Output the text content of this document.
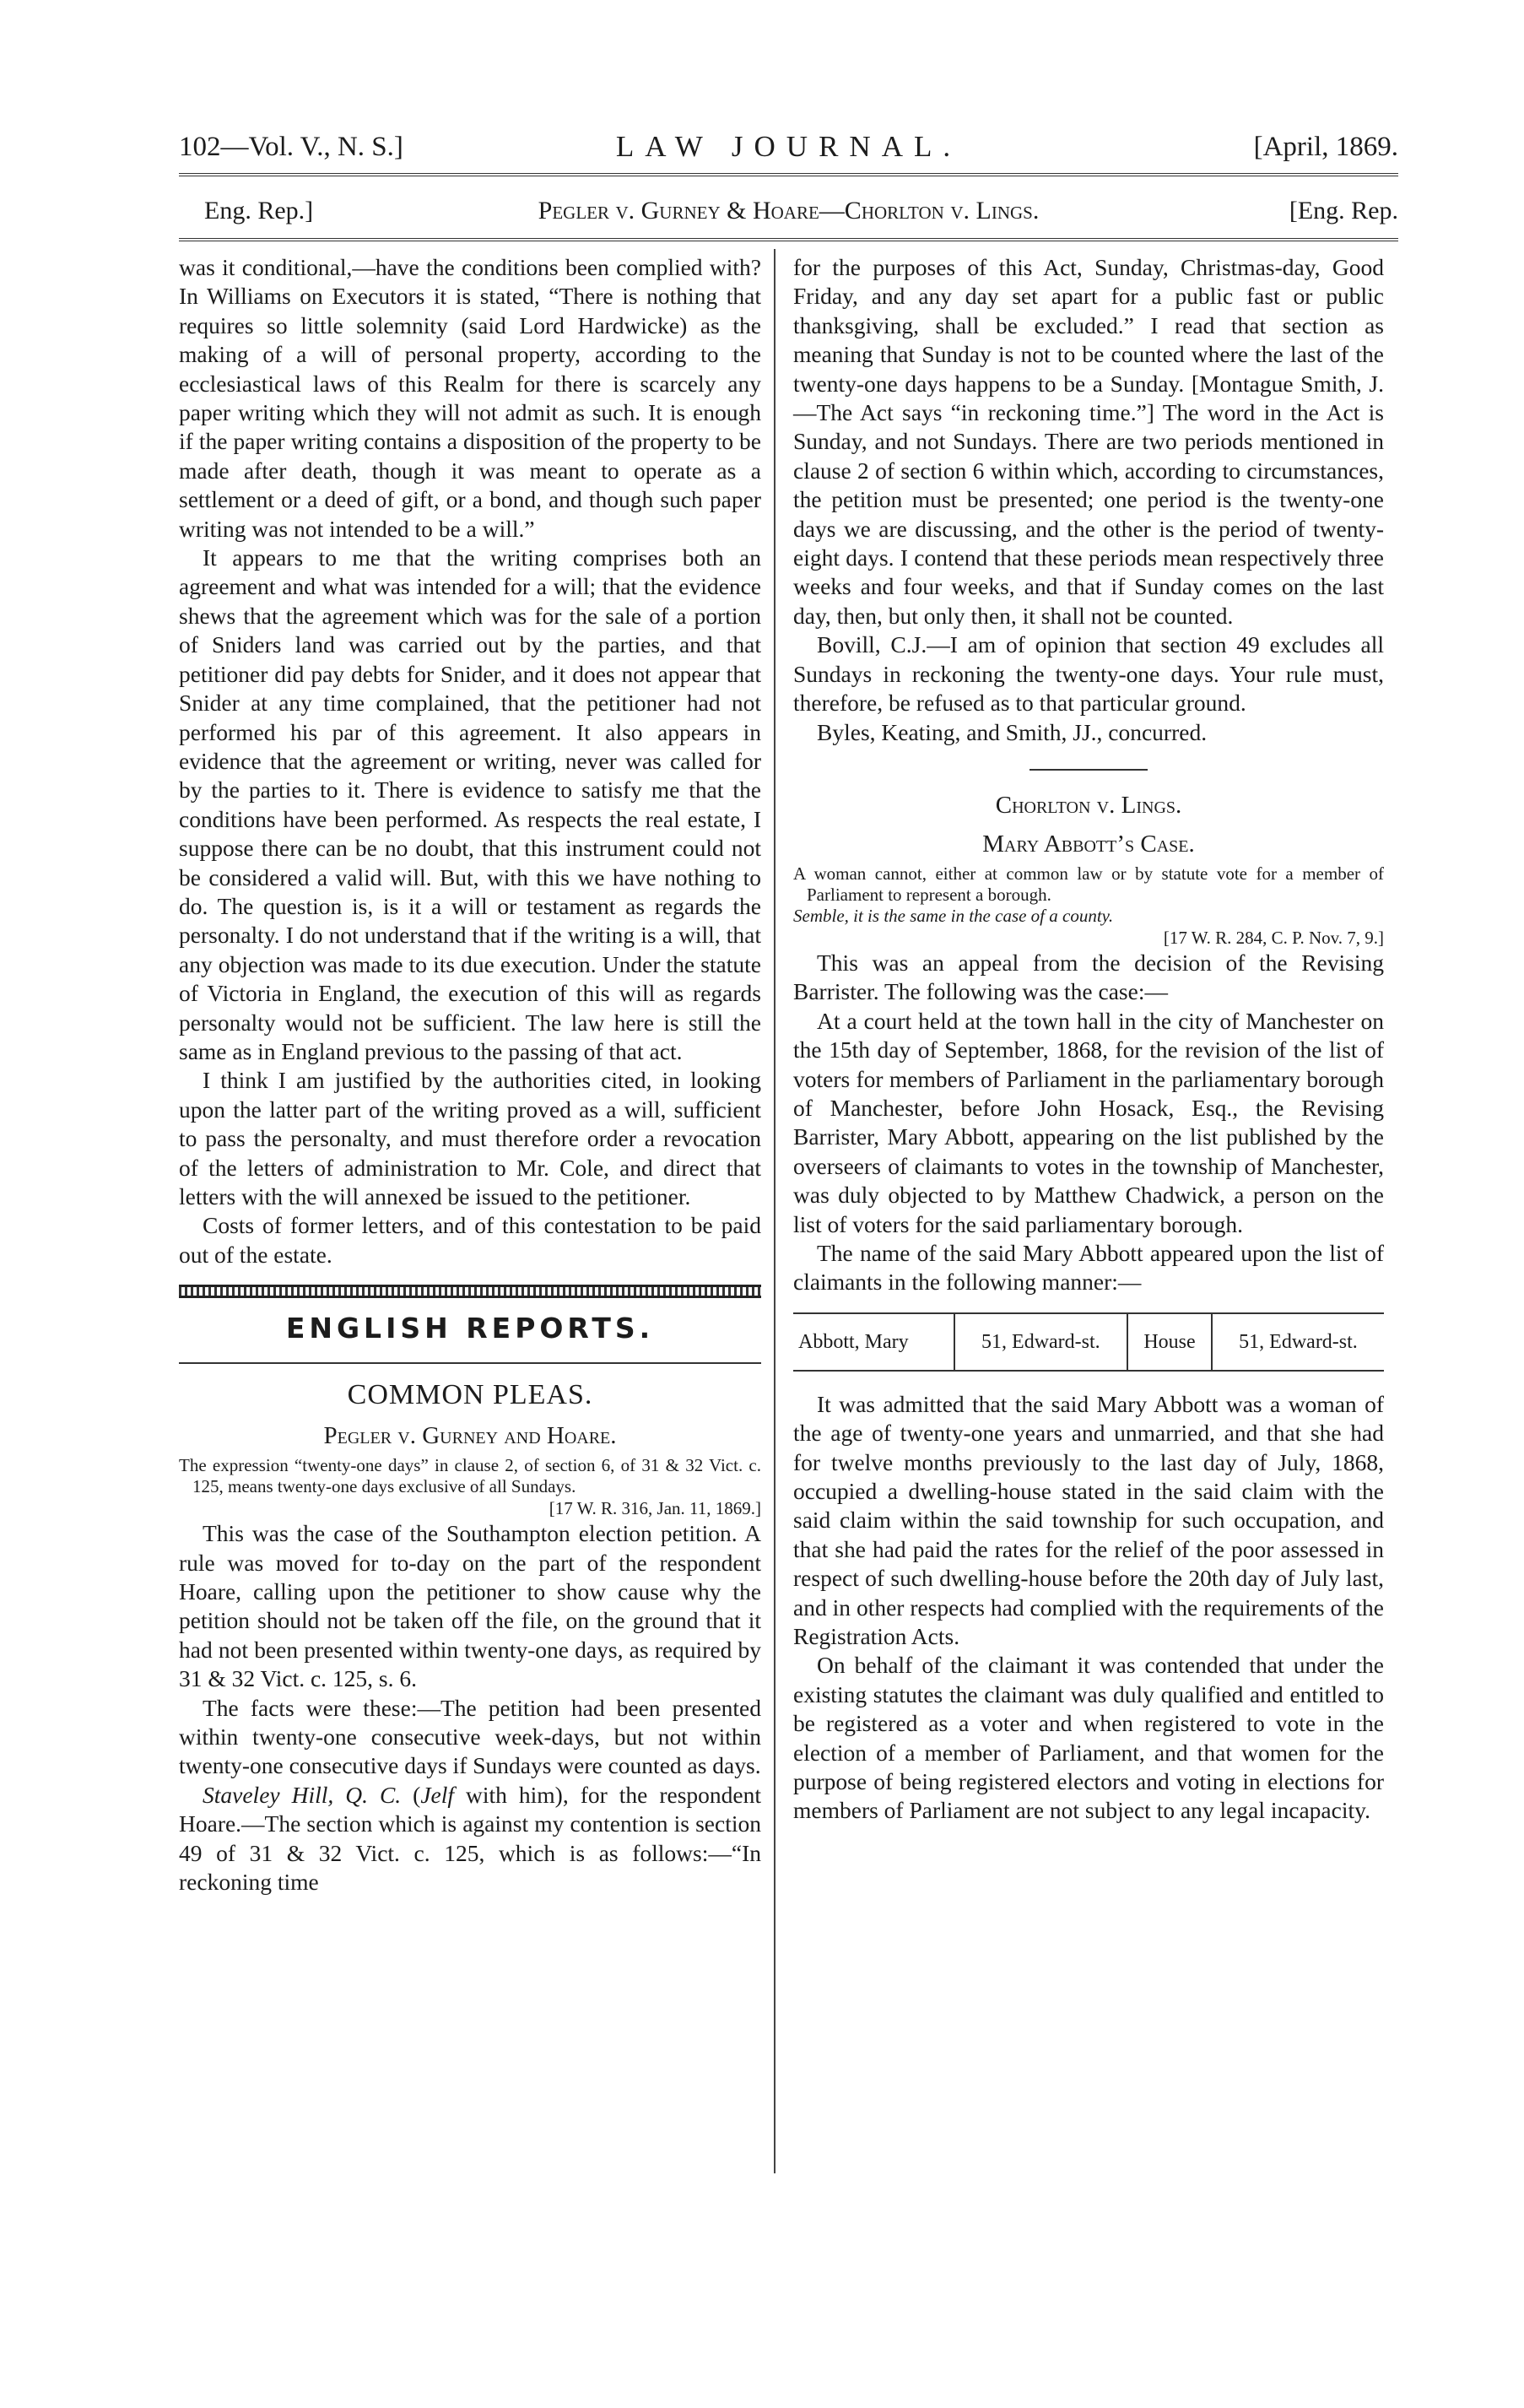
102—Vol. V., N. S.]	LAW JOURNAL.	[April, 1869.
Eng. Rep.]	Pegler v. Gurney & Hoare—Chorlton v. Lings.	[Eng. Rep.

was it conditional,—have the conditions been complied with? In Williams on Executors it is stated, “There is nothing that requires so little solemnity (said Lord Hardwicke) as the making of a will of personal property, according to the ecclesiastical laws of this Realm for there is scarcely any paper writing which they will not admit as such. It is enough if the paper writing contains a disposition of the property to be made after death, though it was meant to operate as a settlement or a deed of gift, or a bond, and though such paper writing was not intended to be a will.”

It appears to me that the writing comprises both an agreement and what was intended for a will; that the evidence shews that the agreement which was for the sale of a portion of Sniders land was carried out by the parties, and that petitioner did pay debts for Snider, and it does not appear that Snider at any time complained, that the petitioner had not performed his par of this agreement. It also appears in evidence that the agreement or writing, never was called for by the parties to it. There is evidence to satisfy me that the conditions have been performed. As respects the real estate, I suppose there can be no doubt, that this instrument could not be considered a valid will. But, with this we have nothing to do. The question is, is it a will or testament as regards the personalty. I do not understand that if the writing is a will, that any objection was made to its due execution. Under the statute of Victoria in England, the execution of this will as regards personalty would not be sufficient. The law here is still the same as in England previous to the passing of that act.

I think I am justified by the authorities cited, in looking upon the latter part of the writing proved as a will, sufficient to pass the personalty, and must therefore order a revocation of the letters of administration to Mr. Cole, and direct that letters with the will annexed be issued to the petitioner.

Costs of former letters, and of this contestation to be paid out of the estate.

ENGLISH REPORTS.
COMMON PLEAS.
Pegler v. Gurney and Hoare.

The expression “twenty-one days” in clause 2, of section 6, of 31 & 32 Vict. c. 125, means twenty-one days exclusive of all Sundays.

[17 W. R. 316, Jan. 11, 1869.]

This was the case of the Southampton election petition. A rule was moved for to-day on the part of the respondent Hoare, calling upon the petitioner to show cause why the petition should not be taken off the file, on the ground that it had not been presented within twenty-one days, as required by 31 & 32 Vict. c. 125, s. 6.

The facts were these:—The petition had been presented within twenty-one consecutive week-days, but not within twenty-one consecutive days if Sundays were counted as days.

Staveley Hill, Q. C. (Jelf with him), for the respondent Hoare.—The section which is against my contention is section 49 of 31 & 32 Vict. c. 125, which is as follows:—“In reckoning time

for the purposes of this Act, Sunday, Christmas-day, Good Friday, and any day set apart for a public fast or public thanksgiving, shall be excluded.” I read that section as meaning that Sunday is not to be counted where the last of the twenty-one days happens to be a Sunday. [Montague Smith, J.—The Act says “in reckoning time.”] The word in the Act is Sunday, and not Sundays. There are two periods mentioned in clause 2 of section 6 within which, according to circumstances, the petition must be presented; one period is the twenty-one days we are discussing, and the other is the period of twenty-eight days. I contend that these periods mean respectively three weeks and four weeks, and that if Sunday comes on the last day, then, but only then, it shall not be counted.

Bovill, C.J.—I am of opinion that section 49 excludes all Sundays in reckoning the twenty-one days. Your rule must, therefore, be refused as to that particular ground.

Byles, Keating, and Smith, JJ., concurred.

Chorlton v. Lings.
Mary Abbott’s Case.

A woman cannot, either at common law or by statute vote for a member of Parliament to represent a borough.

Semble, it is the same in the case of a county.

[17 W. R. 284, C. P. Nov. 7, 9.]

This was an appeal from the decision of the Revising Barrister. The following was the case:—

At a court held at the town hall in the city of Manchester on the 15th day of September, 1868, for the revision of the list of voters for members of Parliament in the parliamentary borough of Manchester, before John Hosack, Esq., the Revising Barrister, Mary Abbott, appearing on the list published by the overseers of claimants to votes in the township of Manchester, was duly objected to by Matthew Chadwick, a person on the list of voters for the said parliamentary borough.

The name of the said Mary Abbott appeared upon the list of claimants in the following manner:—

Abbott, Mary	51, Edward-st.	House	51, Edward-st.

It was admitted that the said Mary Abbott was a woman of the age of twenty-one years and unmarried, and that she had for twelve months previously to the last day of July, 1868, occupied a dwelling-house stated in the said claim with the said claim within the said township for such occupation, and that she had paid the rates for the relief of the poor assessed in respect of such dwelling-house before the 20th day of July last, and in other respects had complied with the requirements of the Registration Acts.

On behalf of the claimant it was contended that under the existing statutes the claimant was duly qualified and entitled to be registered as a voter and when registered to vote in the election of a member of Parliament, and that women for the purpose of being registered electors and voting in elections for members of Parliament are not subject to any legal incapacity.
